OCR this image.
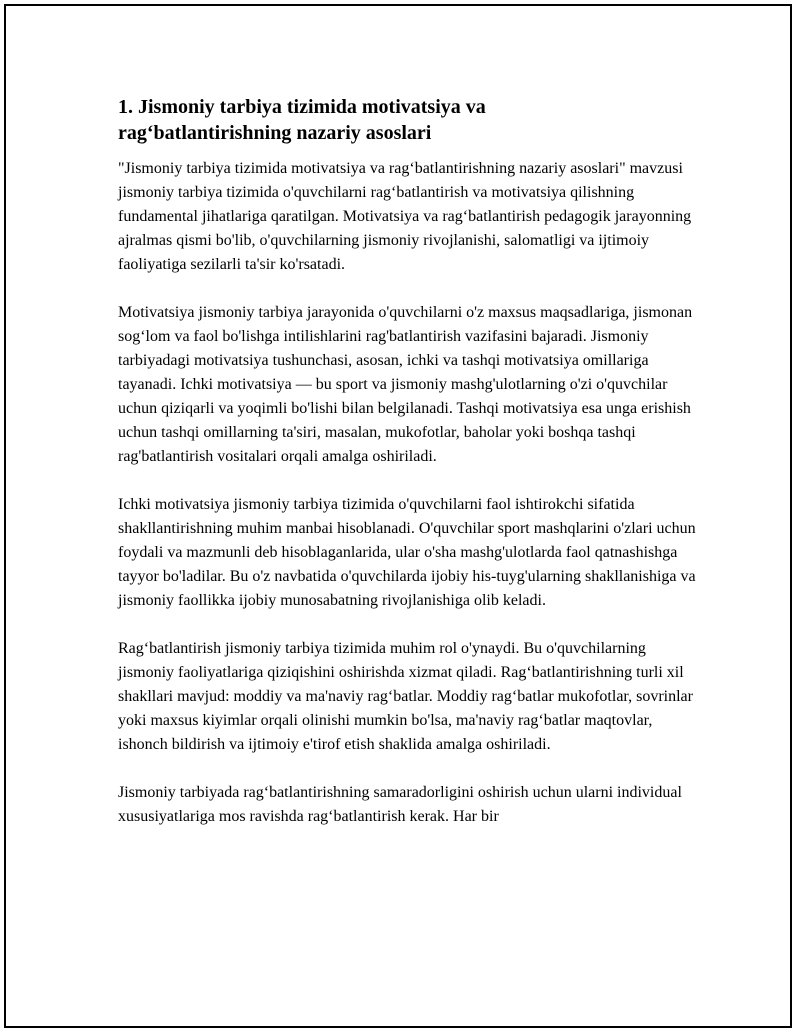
1. Jismoniy tarbiya tizimida motivatsiya va rag‘batlantirishning nazariy asoslari

"Jismoniy tarbiya tizimida motivatsiya va rag‘batlantirishning nazariy asoslari" mavzusi jismoniy tarbiya tizimida o'quvchilarni rag‘batlantirish va motivatsiya qilishning fundamental jihatlariga qaratilgan. Motivatsiya va rag‘batlantirish pedagogik jarayonning ajralmas qismi bo'lib, o'quvchilarning jismoniy rivojlanishi, salomatligi va ijtimoiy faoliyatiga sezilarli ta'sir ko'rsatadi.

Motivatsiya jismoniy tarbiya jarayonida o'quvchilarni o'z maxsus maqsadlariga, jismonan sog‘lom va faol bo'lishga intilishlarini rag'batlantirish vazifasini bajaradi. Jismoniy tarbiyadagi motivatsiya tushunchasi, asosan, ichki va tashqi motivatsiya omillariga tayanadi. Ichki motivatsiya — bu sport va jismoniy mashg'ulotlarning o'zi o'quvchilar uchun qiziqarli va yoqimli bo'lishi bilan belgilanadi. Tashqi motivatsiya esa unga erishish uchun tashqi omillarning ta'siri, masalan, mukofotlar, baholar yoki boshqa tashqi rag'batlantirish vositalari orqali amalga oshiriladi.

Ichki motivatsiya jismoniy tarbiya tizimida o'quvchilarni faol ishtirokchi sifatida shakllantirishning muhim manbai hisoblanadi. O'quvchilar sport mashqlarini o'zlari uchun foydali va mazmunli deb hisoblaganlarida, ular o'sha mashg'ulotlarda faol qatnashishga tayyor bo'ladilar. Bu o'z navbatida o'quvchilarda ijobiy his-tuyg'ularning shakllanishiga va jismoniy faollikka ijobiy munosabatning rivojlanishiga olib keladi.

Rag‘batlantirish jismoniy tarbiya tizimida muhim rol o'ynaydi. Bu o'quvchilarning jismoniy faoliyatlariga qiziqishini oshirishda xizmat qiladi. Rag‘batlantirishning turli xil shakllari mavjud: moddiy va ma'naviy rag‘batlar. Moddiy rag‘batlar mukofotlar, sovrinlar yoki maxsus kiyimlar orqali olinishi mumkin bo'lsa, ma'naviy rag‘batlar maqtovlar, ishonch bildirish va ijtimoiy e'tirof etish shaklida amalga oshiriladi.

Jismoniy tarbiyada rag‘batlantirishning samaradorligini oshirish uchun ularni individual xususiyatlariga mos ravishda rag‘batlantirish kerak. Har bir
